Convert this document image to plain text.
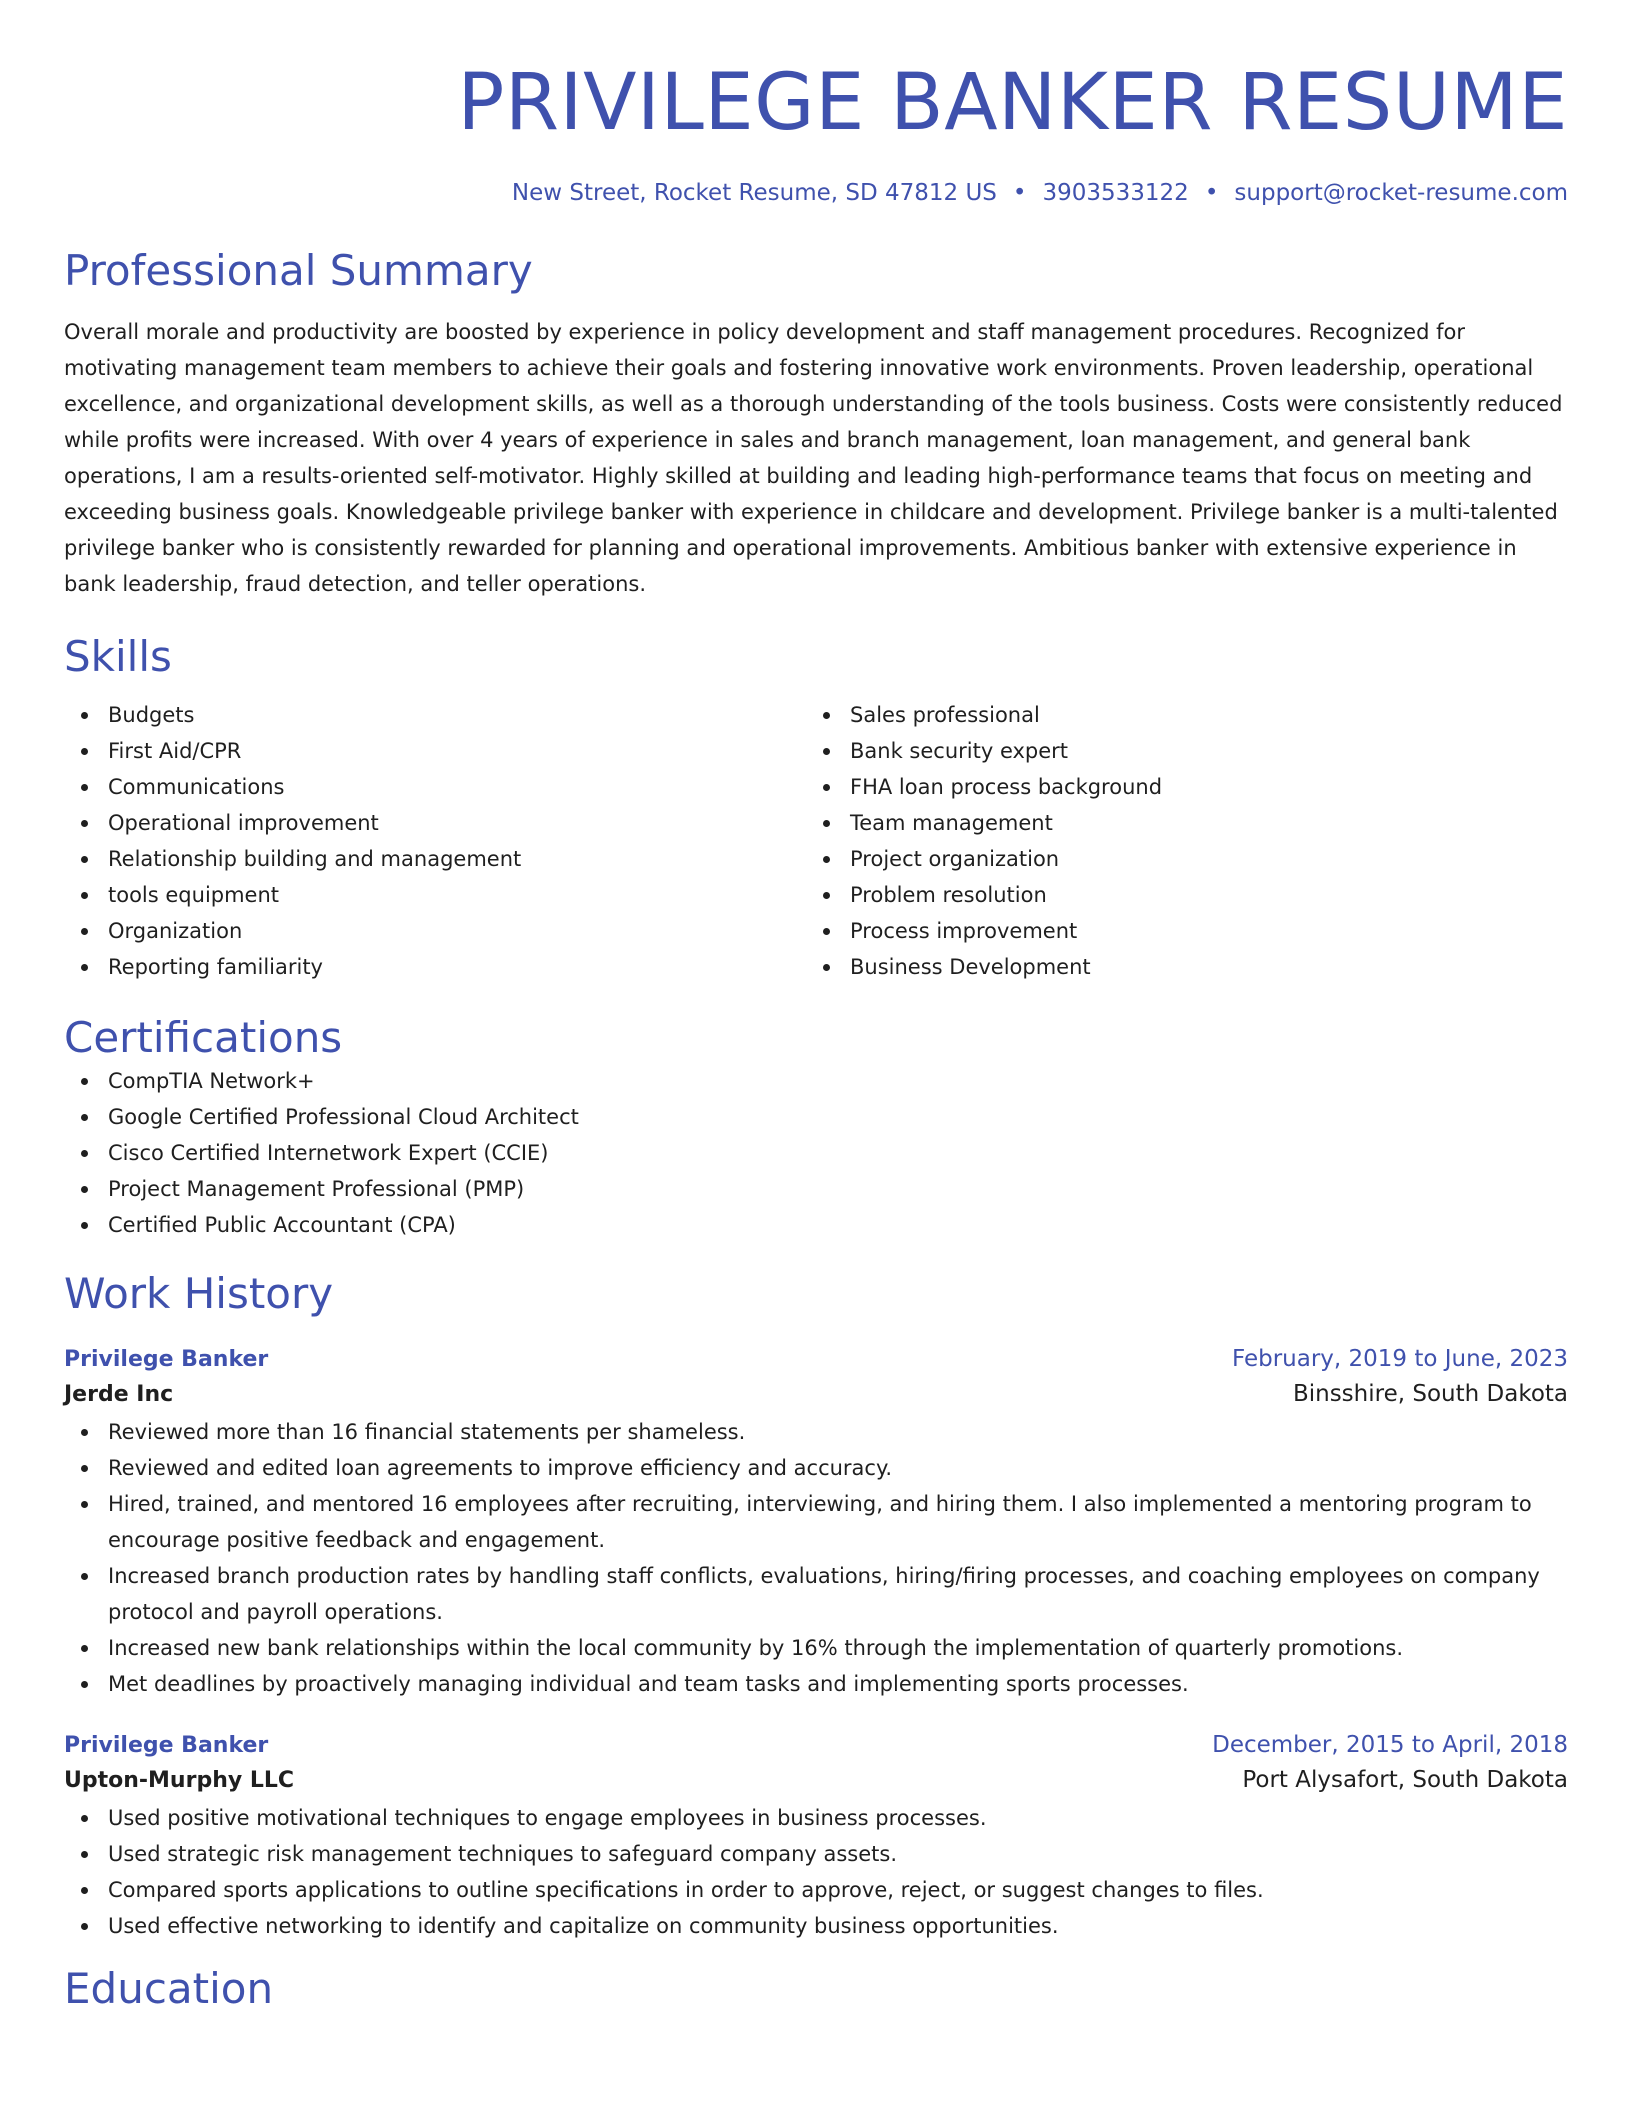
PRIVILEGE BANKER RESUME
New Street, Rocket Resume, SD 47812 US • 3903533122 • support@rocket-resume.com
Professional Summary

Overall morale and productivity are boosted by experience in policy development and staff management procedures. Recognized for motivating management team members to achieve their goals and fostering innovative work environments. Proven leadership, operational excellence, and organizational development skills, as well as a thorough understanding of the tools business. Costs were consistently reduced while profits were increased. With over 4 years of experience in sales and branch management, loan management, and general bank operations, I am a results-oriented self-motivator. Highly skilled at building and leading high-performance teams that focus on meeting and exceeding business goals. Knowledgeable privilege banker with experience in childcare and development. Privilege banker is a multi-talented privilege banker who is consistently rewarded for planning and operational improvements. Ambitious banker with extensive experience in bank leadership, fraud detection, and teller operations.

Skills
Budgets
First Aid/CPR
Communications
Operational improvement
Relationship building and management
tools equipment
Organization
Reporting familiarity
Sales professional
Bank security expert
FHA loan process background
Team management
Project organization
Problem resolution
Process improvement
Business Development
Certifications
CompTIA Network+
Google Certified Professional Cloud Architect
Cisco Certified Internetwork Expert (CCIE)
Project Management Professional (PMP)
Certified Public Accountant (CPA)
Work History
Privilege Banker	February, 2019 to June, 2023
Jerde Inc	Binsshire, South Dakota
Reviewed more than 16 financial statements per shameless.
Reviewed and edited loan agreements to improve efficiency and accuracy.
Hired, trained, and mentored 16 employees after recruiting, interviewing, and hiring them. I also implemented a mentoring program to encourage positive feedback and engagement.
Increased branch production rates by handling staff conflicts, evaluations, hiring/firing processes, and coaching employees on company protocol and payroll operations.
Increased new bank relationships within the local community by 16% through the implementation of quarterly promotions.
Met deadlines by proactively managing individual and team tasks and implementing sports processes.
Privilege Banker	December, 2015 to April, 2018
Upton-Murphy LLC	Port Alysafort, South Dakota
Used positive motivational techniques to engage employees in business processes.
Used strategic risk management techniques to safeguard company assets.
Compared sports applications to outline specifications in order to approve, reject, or suggest changes to files.
Used effective networking to identify and capitalize on community business opportunities.
Education
